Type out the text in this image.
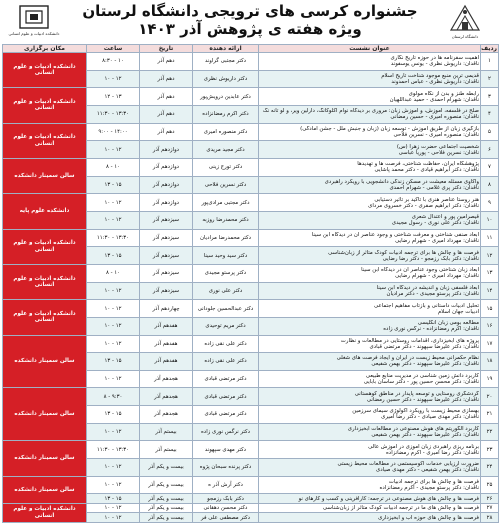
دانشگاه لرستان
جشنواره کرسی های ترویجی دانشگاه لرستان
ویژه هفته ی پژوهش آذر ۱۴۰۳
دانشکده ادبیات و علوم انسانی
ردیف	عنوان نشست	ارائه دهنده	تاریخ	ساعت	مکان برگزاری
۱	اهمیت سفرنامه ها در حوزه تاریخ نگاری
ناقدان: داریوش نظری - یونس یوسفوند	دکتر مجتبی گراوند	دهم آذر	۱۰ - ۸:۳۰	دانشکده ادبیات و علوم انسانی
۲	قدیمی ترین منبع موجود شناخت تاریخ اسلام
ناقدان: داریوش نظری - عباس احمدوند	دکتر داریوش نظری	دهم آذر	۱۲ - ۱۰	
۳	رابطه طنز و بدن از نگاه مولوی
ناقدان: شهرام احمدی - حمید عبداللهیان	دکتر عابدین درویش‌پور	دهم آذر	۱۳ - ۱۲	دانشکده ادبیات و علوم انسانی
۴	صلح در فلسفه، آموزش، و آموزش زبان: مروری بر دیدگاه نوام آکلوکانگ، دارلین ویر، و لو تانه نگ
ناقدان: منصوره امیری - حسین رمضانی	دکتر اکرم رمضانزاده	دهم آذر	۱۳:۳۰ - ۱۱:۳۰	
۵	بازگیری زبان از طریق آموزش - توسعه زبان (زبان و جنبش ملل - جشن آمادگی)
ناقدان: منصوره امیری - نسرین فلاحی	دکتر منصوره امیری	دهم آذر	۱۴:۰۰ - ۹:۰۰	دانشکده ادبیات و علوم انسانی
۶	شخصیت اجتماعی حضرت زهرا (س)
ناقدان: نسرین فلاحی - پوریا عباسی	دکتر مجید مریدی	دوازدهم آذر	۱۲ - ۱۰	
۷	پژوهشگاه ایران، حفاظت شناختی، فرصت ها و تهدیدها
ناقدان: دکتر ابراهیم قیادی - دکتر محمد پاشایی	دکتر تورج زینی	دوازدهم آذر	۱۰ - ۸	سالن سمینار دانشکده
۸	واکاوی مسئله معیشت در مسکن زندگی دانشجویی با رویکرد راهبردی
ناقدان: دکتر پری غلامی - شهرام احمدی	دکتر نسرین فلاحی	دوازدهم آذر	۱۵ - ۱۳	
۹	هنر روستا عناصر هنری با تاکید بر تأثیر دستیابی
ناقدان: دکتر ابراهیم صفری - دکتر خسروی مردای	دکتر مجتبی مرادی‌پور	دوازدهم آذر	۱۲ - ۱۰	دانشکده علوم پایه
۱۰	قیصرامین پور و اعتدال شعری
ناقدان: دکتر علی نوری - رسول مجیدی	دکتر محمدرضا روزبه	سیزدهم آذر	۱۲ - ۱۰	
۱۱	ابعاد صنفی شناختی و معرفت شناختی و وجود عناصر آن در دیدگاه ابن سینا
ناقدان: مهرداد امیری - شهرام رضایی	دکتر محمدرضا مرادیان	سیزدهم آذر	۱۳:۳۰ - ۱۱:۳۰	دانشکده ادبیات و علوم انسانی
۱۲	فرصت ها و چالش ها برای ترجمه ادبیات کودک متأثر از زبان‌شناسی
ناقدان: دکتر بابک رزمجو - دکتر رضا رضایی	دکتر سید وحید سینا	سیزدهم آذر	۱۵ - ۱۳	
۱۳	ابعاد زبان شناختی وجود عناصر آن در دیدگاه ابن سینا
ناقدان: مهرداد امیری - شهرام رضایی	دکتر پرستو مجیدی	سیزدهم آذر	۱۰ - ۸	دانشکده ادبیات و علوم انسانی
۱۴	ابعاد فلسفی زبان و اندیشه در دیدگاه ابن سینا
ناقدان: دکتر پرستو مجیدی - دکتر مرادیان	دکتر علی نوری	سیزدهم آذر	۱۲ - ۱۰	
۱۵	تحلیل ادبیات داستانی و بازتاب مفاهیم اجتماعی
ادبیات جهان اسلام	دکتر عبدالحسین جلودانی	چهاردهم آذر	۱۲ - ۱۰	دانشکده ادبیات و علوم انسانی
۱۶	مطالعه بومی زبان انگلیسی
ناقدان: اکرم رمضانزاده - نرگس نوری زاده	دکتر مریم توحیدی	هفدهم آذر	۱۲ - ۱۰	
۱۷	پروژه های آبخیزداری، اقدامات روستایی در مطالعات و نظارت
ناقدان: دکتر علیرضا سپهوند - دکتر مرتضی قبادی	دکتر علی نقی زاده	هفدهم آذر	۱۲ - ۱۰	سالن سمینار دانشکده
۱۸	نظام حکمرانی محیط زیست در ایران و ایجاد فرصت های شغلی
ناقدان: دکتر علیرضا سپهوند - دکتر بهمن شفیعی	دکتر علی نقی زاده	هفدهم آذر	۱۵ - ۱۳	
۱۹	کاربرد دانش زمین شناسی در مدیریت منابع طبیعی
ناقدان: دکتر محسن حسین پور - دکتر ساسان بابایی	دکتر مرتضی قبادی	هجدهم آذر	۱۲ - ۱۰	
۲۰	گردشگری روستایی و توسعه پایدار در مناطق کوهستانی
ناقدان: دکتر علیرضا سپهوند - دکتر حسین رمضانی	دکتر مرتضی قبادی	هجدهم آذر	۹:۳۰ - ۸	سالن سمینار دانشکده
۲۱	بهسازی محیط زیست با رویکرد اکولوژی سیمای سرزمین
ناقدان: دکتر مهدی صیادی - دکتر رضا امیری	دکتر مرتضی قبادی	هجدهم آذر	۱۵ - ۱۳	
۲۲	کاربرد الگوریتم های هوش مصنوعی در مطالعات آبخیزداری
ناقدان: دکتر علیرضا سپهوند - دکتر بهمن شفیعی	دکتر نرگس نوری زاده	بیستم آذر	۱۲ - ۱۰	
۲۳	برنامه ریزی راهبردی زبان آموزی در آموزش عالی
ناقدان: دکتر رضا امیری - اکرم رمضانزاده	دکتر مهدی سپهوند	بیستم آذر	۱۳:۳۰ - ۱۱:۳۰	سالن سمینار دانشکده
۲۴	ضرورت ارزیابی خدمات اکوسیستمی در مطالعات محیط زیستی
ناقدان: دکتر بهمن شفیعی - دکتر مهدی صیادی	دکتر پرنده سبحان پژوه	بیست و یکم آذر	۱۲ - ۱۰	
۲۵	فرصت ها و چالش ها برای ترجمه ادبیات
ناقدان: دکتر پرستو مجیدی - اکرم رمضانزاده	دکتر آرش آذر ه	بیست و یکم آذر	۱۲ - ۱۰	سالن سمینار دانشکده
۲۶	فرصت ها و چالش های هوش مصنوعی در ترجمه: کارآفرینی و کسب و کارهای نو	دکتر بابک رزمجو	بیست و یکم آذر	۱۵ - ۱۳	
۲۷	فرصت ها و چالش های ما در ترجمه ادبیات کودک متأثر از زبان‌شناسی	دکتر محسن دهقانی	بیست و یکم آذر	۱۲ - ۱۰	دانشکده ادبیات و علوم انسانی
۲۸	فرصت ها و چالش های حوزه آب و آبخیزداری	دکتر مصطفی علی فر	بیست و یکم آذر	۱۲ - ۱۰	
